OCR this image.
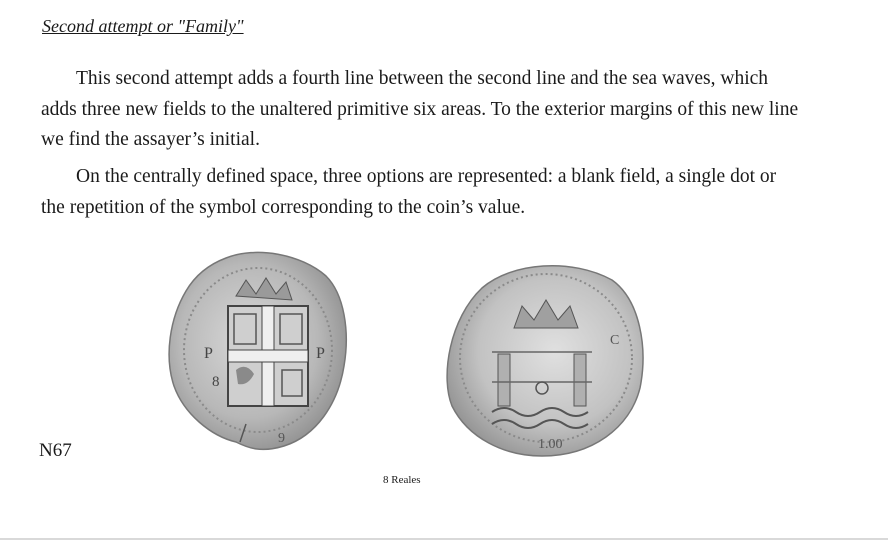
Second attempt or "Family"

This second attempt adds a fourth line between the second line and the sea waves, which adds three new fields to the unaltered primitive six areas. To the exterior margins of this new line we find the assayer’s initial.

On the centrally defined space, three options are represented: a blank field, a single dot or the repetition of the symbol corresponding to the coin’s value.

P	P
8
9	1.00
C
N67
8 Reales
